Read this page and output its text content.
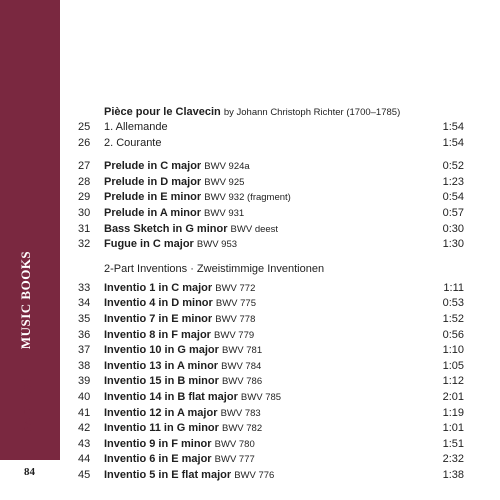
MUSIC BOOKS
BACH 333
84
Pièce pour le Clavecin by Johann Christoph Richter (1700–1785)
25	1. Allemande	1:54
26	2. Courante	1:54
27	Prelude in C major BWV 924a	0:52
28	Prelude in D major BWV 925	1:23
29	Prelude in E minor BWV 932 (fragment)	0:54
30	Prelude in A minor BWV 931	0:57
31	Bass Sketch in G minor BWV deest	0:30
32	Fugue in C major BWV 953	1:30
2-Part Inventions · Zweistimmige Inventionen
33	Inventio 1 in C major BWV 772	1:11
34	Inventio 4 in D minor BWV 775	0:53
35	Inventio 7 in E minor BWV 778	1:52
36	Inventio 8 in F major BWV 779	0:56
37	Inventio 10 in G major BWV 781	1:10
38	Inventio 13 in A minor BWV 784	1:05
39	Inventio 15 in B minor BWV 786	1:12
40	Inventio 14 in B flat major BWV 785	2:01
41	Inventio 12 in A major BWV 783	1:19
42	Inventio 11 in G minor BWV 782	1:01
43	Inventio 9 in F minor BWV 780	1:51
44	Inventio 6 in E major BWV 777	2:32
45	Inventio 5 in E flat major BWV 776	1:38
